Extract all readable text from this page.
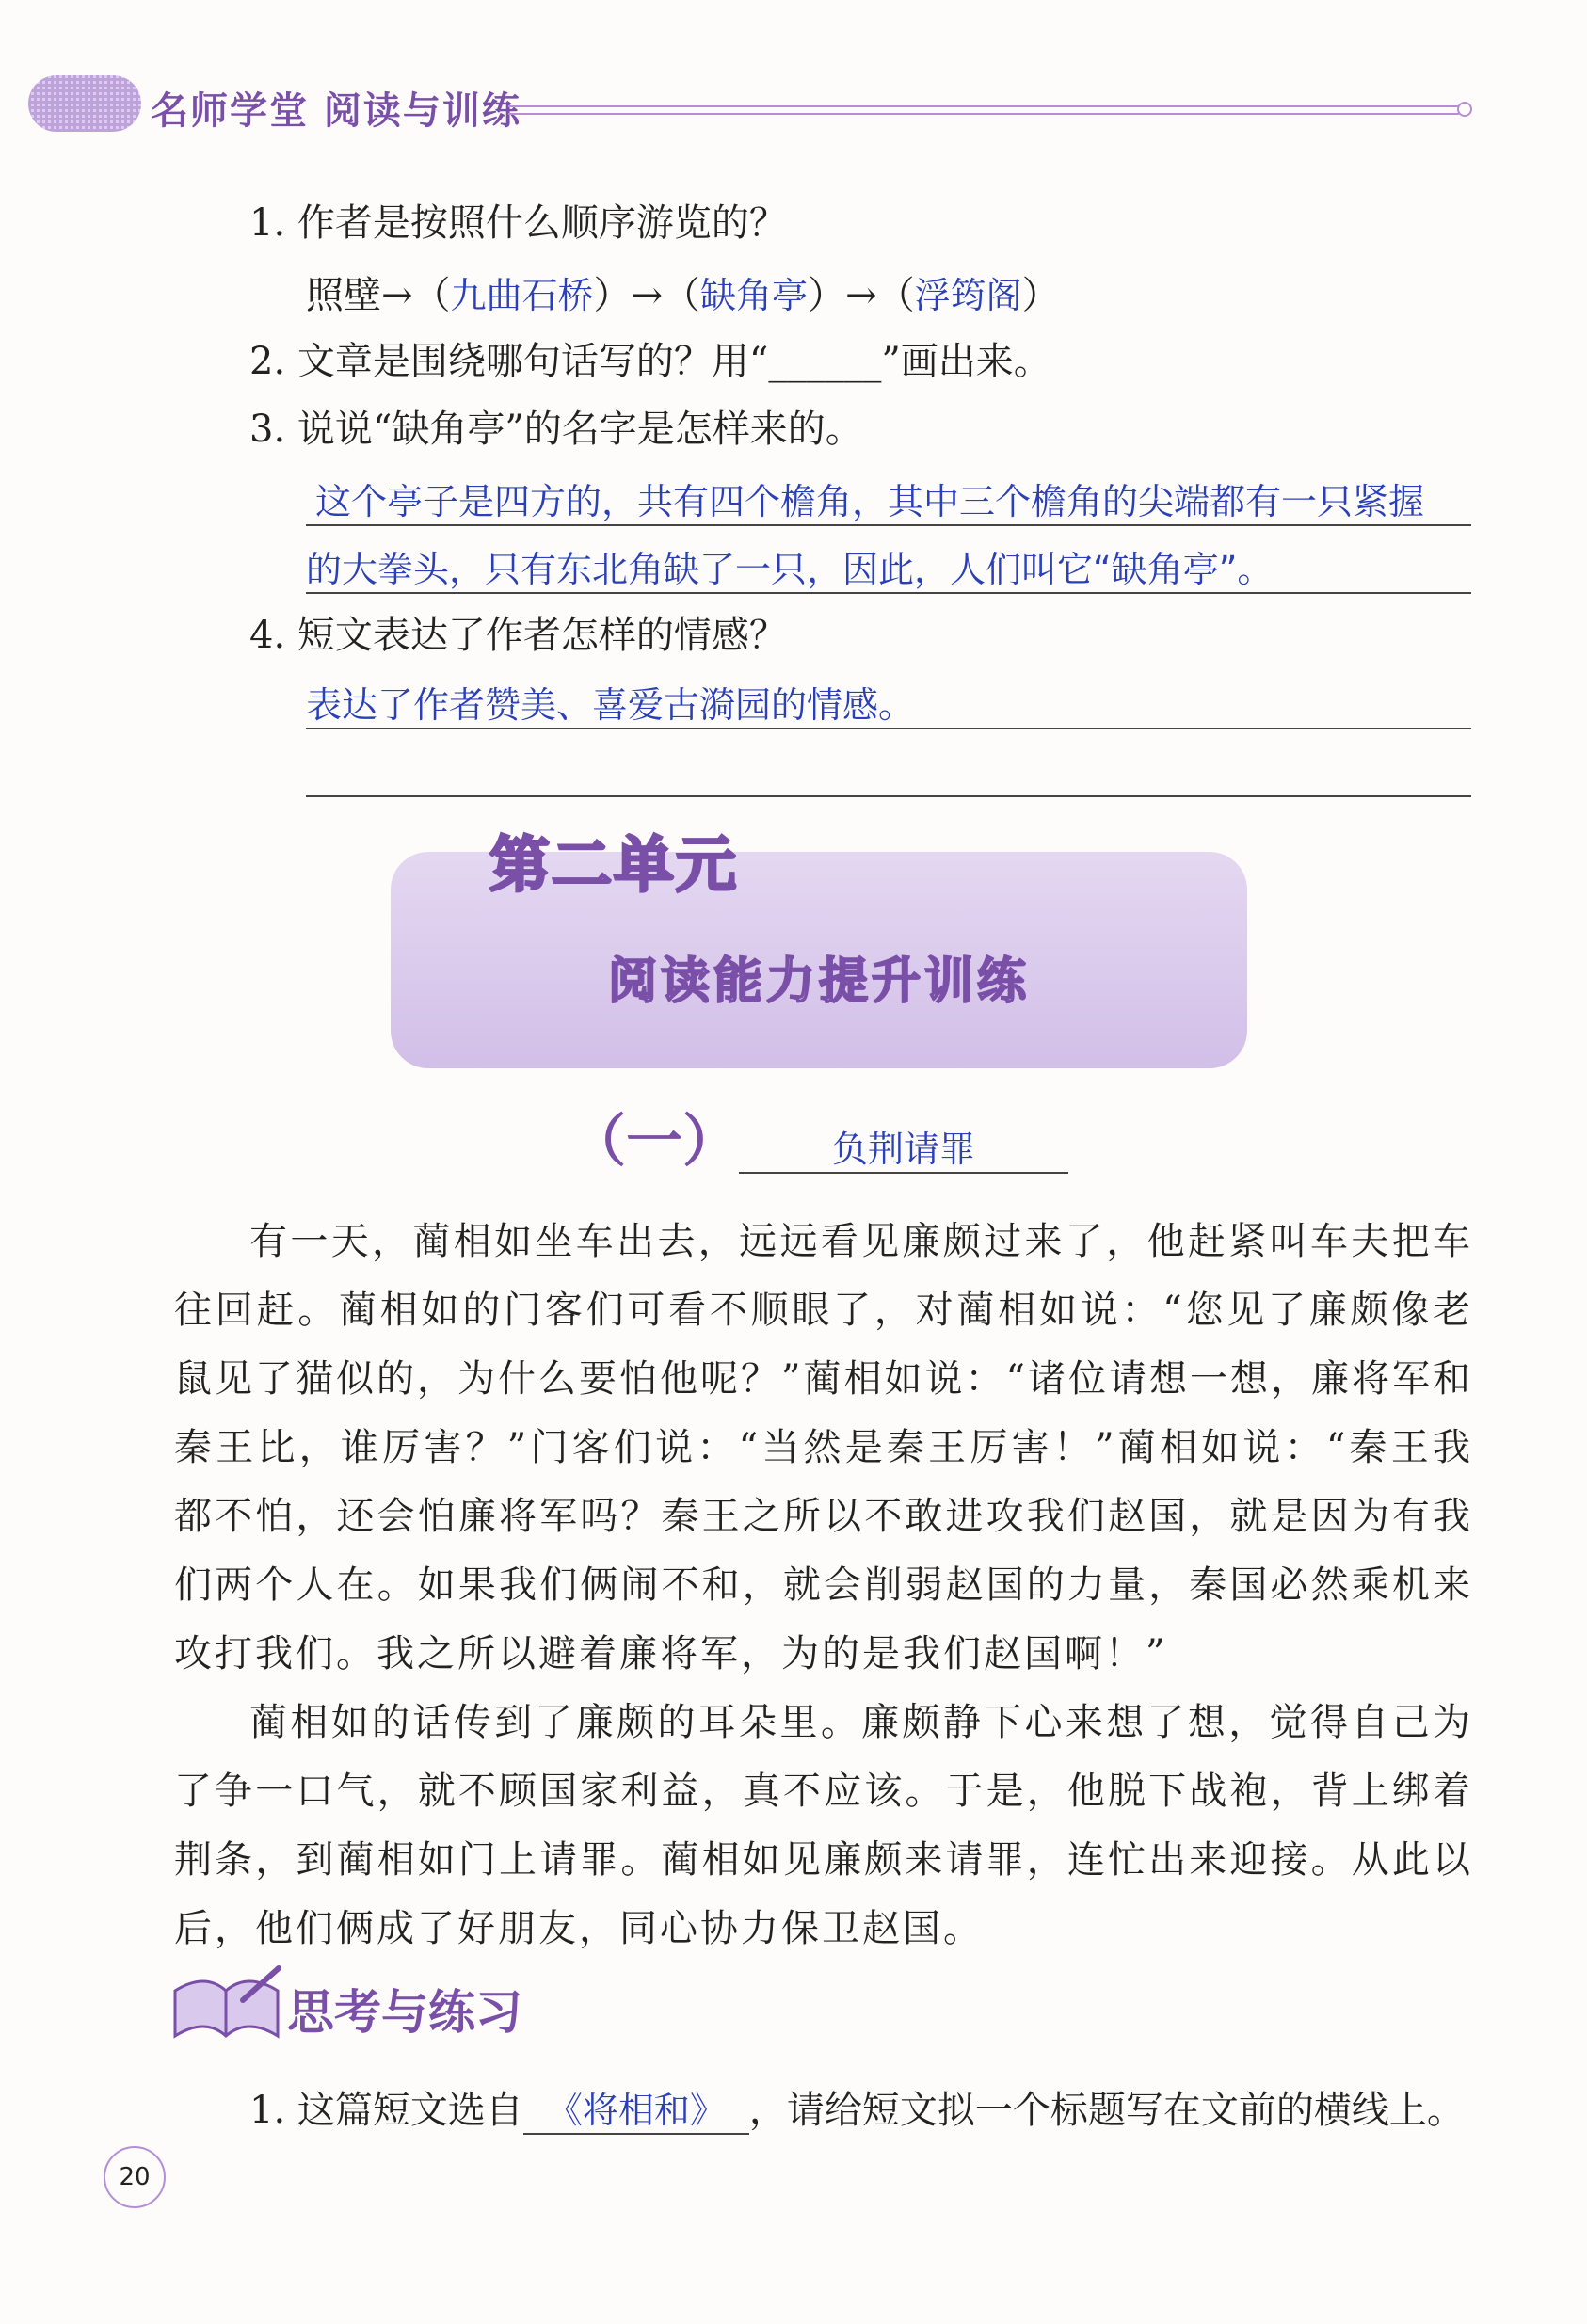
名师学堂 阅读与训练
1. 作者是按照什么顺序游览的？
照壁→（九曲石桥）→（缺角亭）→（浮筠阁）
2. 文章是围绕哪句话写的？用“______”画出来。
3. 说说“缺角亭”的名字是怎样来的。
这个亭子是四方的，共有四个檐角，其中三个檐角的尖端都有一只紧握
的大拳头，只有东北角缺了一只，因此，人们叫它“缺角亭”。
4. 短文表达了作者怎样的情感？
表达了作者赞美、喜爱古漪园的情感。
第二单元
阅读能力提升训练
（一）	负荆请罪
有一天，蔺相如坐车出去，远远看见廉颇过来了，他赶紧叫车夫把车往回赶。蔺相如的门客们可看不顺眼了，对蔺相如说：“您见了廉颇像老鼠见了猫似的，为什么要怕他呢？”蔺相如说：“诸位请想一想，廉将军和秦王比，谁厉害？”门客们说：“当然是秦王厉害！”蔺相如说：“秦王我都不怕，还会怕廉将军吗？秦王之所以不敢进攻我们赵国，就是因为有我们两个人在。如果我们俩闹不和，就会削弱赵国的力量，秦国必然乘机来攻打我们。我之所以避着廉将军，为的是我们赵国啊！”
蔺相如的话传到了廉颇的耳朵里。廉颇静下心来想了想，觉得自己为了争一口气，就不顾国家利益，真不应该。于是，他脱下战袍，背上绑着荆条，到蔺相如门上请罪。蔺相如见廉颇来请罪，连忙出来迎接。从此以后，他们俩成了好朋友，同心协力保卫赵国。
思考与练习
1. 这篇短文选自 《将相和》 ，请给短文拟一个标题写在文前的横线上。
20
